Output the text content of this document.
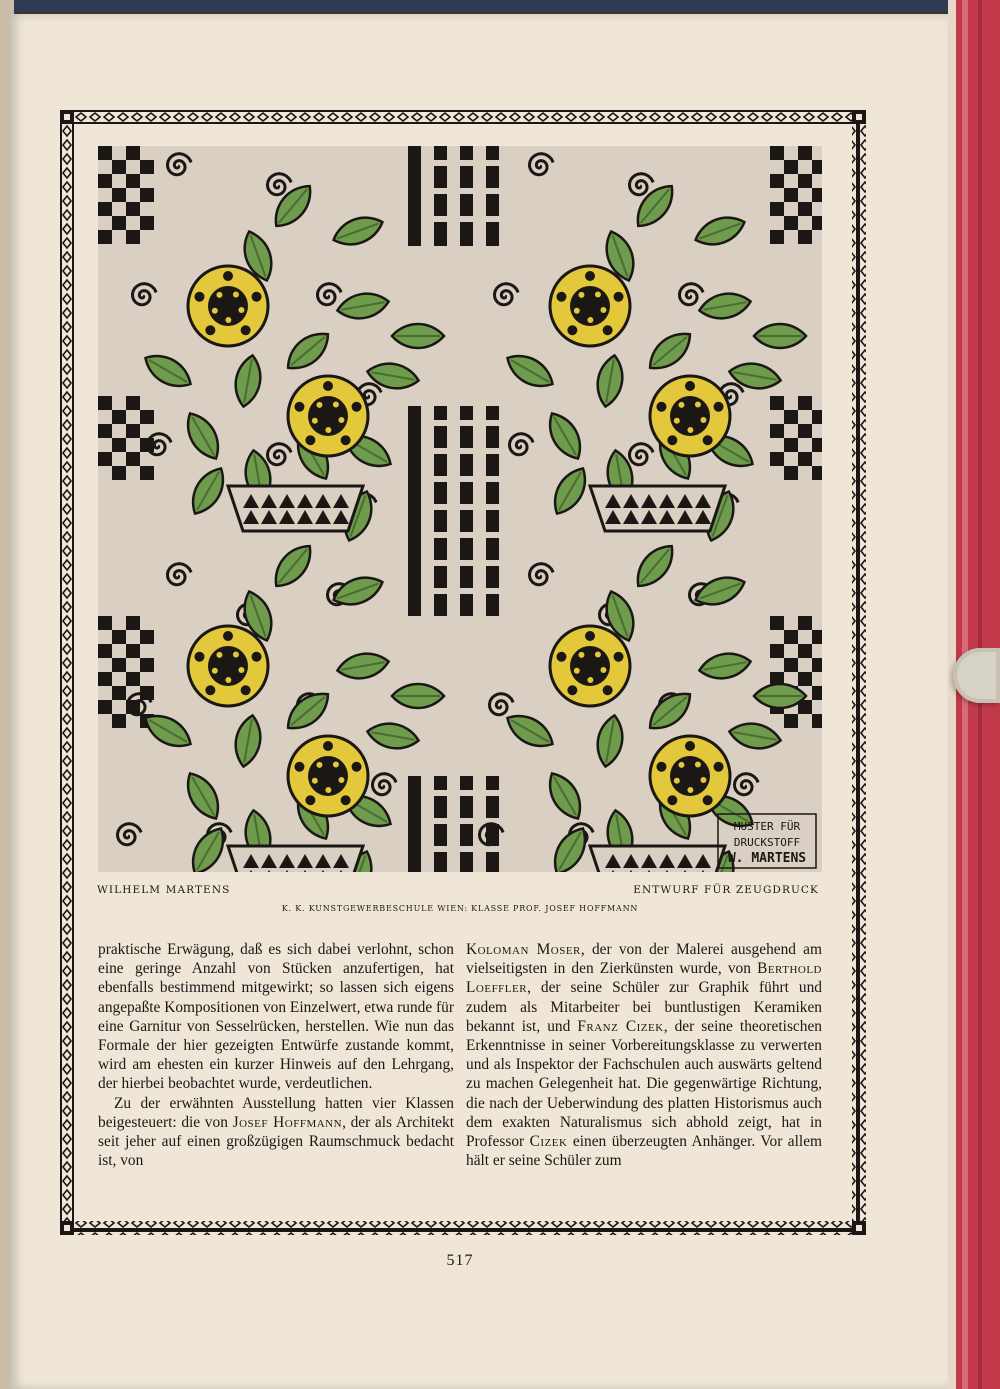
MUSTER FÜR
DRUCKSTOFF
W. MARTENS
WILHELM MARTENS	ENTWURF FÜR ZEUGDRUCK
K. K. KUNSTGEWERBESCHULE WIEN: KLASSE PROF. JOSEF HOFFMANN

praktische Erwägung, daß es sich dabei verlohnt, schon eine geringe Anzahl von Stücken anzufertigen, hat ebenfalls bestimmend mitgewirkt; so lassen sich eigens angepaßte Kompositionen von Einzelwert, etwa runde für eine Garnitur von Sesselrücken, herstellen. Wie nun das Formale der hier gezeigten Entwürfe zustande kommt, wird am ehesten ein kurzer Hinweis auf den Lehrgang, der hierbei beobachtet wurde, verdeutlichen.

Zu der erwähnten Ausstellung hatten vier Klassen beigesteuert: die von Josef Hoffmann, der als Architekt seit jeher auf einen großzügigen Raumschmuck bedacht ist, von

Koloman Moser, der von der Malerei ausgehend am vielseitigsten in den Zierkünsten wurde, von Berthold Loeffler, der seine Schüler zur Graphik führt und zudem als Mitarbeiter bei buntlustigen Keramiken bekannt ist, und Franz Cizek, der seine theoretischen Erkenntnisse in seiner Vorbereitungsklasse zu verwerten und als Inspektor der Fachschulen auch auswärts geltend zu machen Gelegenheit hat. Die gegenwärtige Richtung, die nach der Ueberwindung des platten Historismus auch dem exakten Naturalismus sich abhold zeigt, hat in Professor Cizek einen überzeugten Anhänger. Vor allem hält er seine Schüler zum

517
